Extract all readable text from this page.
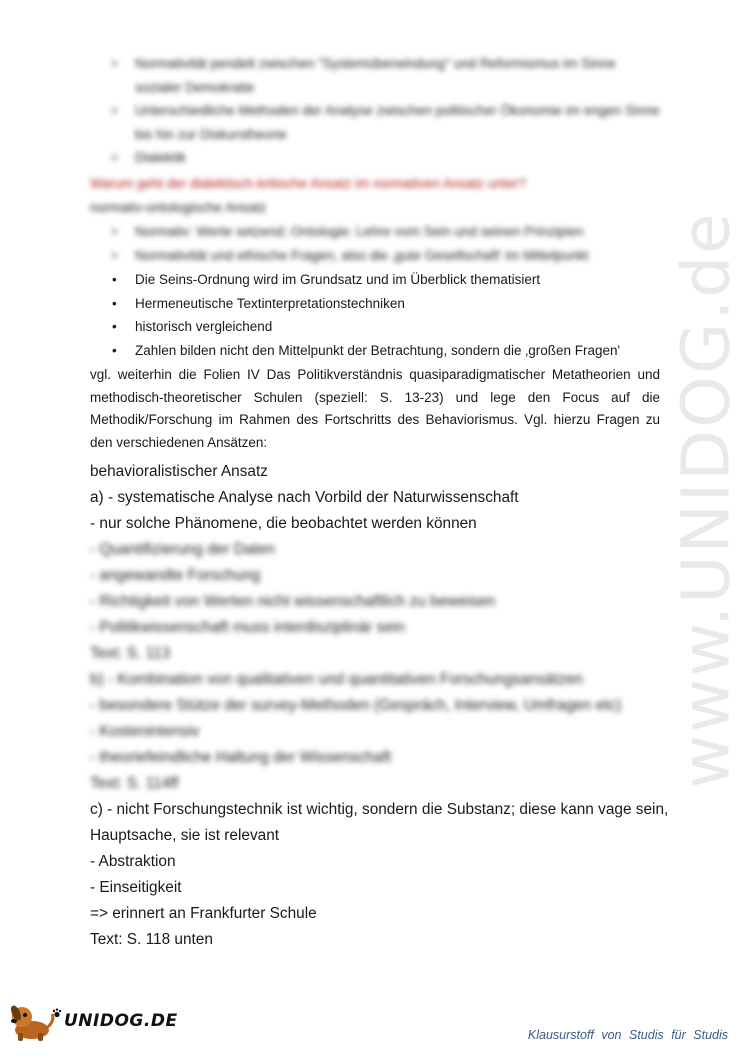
www.UNIDOG.de
• Normativität pendelt zwischen "Systemüberwindung" und Reformismus im Sinne sozialer Demokratie
• Unterschiedliche Methoden der Analyse zwischen politischer Ökonomie im engen Sinne bis hin zur Diskurstheorie
• Dialektik
Warum geht der dialektisch-kritische Ansatz im normativen Ansatz unter?
normativ-ontologische Ansatz
• Normativ: Werte setzend; Ontologie: Lehre vom Sein und seinen Prinzipien
• Normativität und ethische Fragen, also die ‚gute Gesellschaft' im Mittelpunkt
• Die Seins-Ordnung wird im Grundsatz und im Überblick thematisiert
• Hermeneutische Textinterpretationstechniken
• historisch vergleichend
• Zahlen bilden nicht den Mittelpunkt der Betrachtung, sondern die ‚großen Fragen'
vgl. weiterhin die Folien IV Das Politikverständnis quasiparadigmatischer Metatheorien und methodisch-theoretischer Schulen (speziell: S. 13-23) und lege den Focus auf die Methodik/Forschung im Rahmen des Fortschritts des Behaviorismus. Vgl. hierzu Fragen zu den verschiedenen Ansätzen:
behavioralistischer Ansatz
a) - systematische Analyse nach Vorbild der Naturwissenschaft
- nur solche Phänomene, die beobachtet werden können
- Quantifizierung der Daten
- angewandte Forschung
- Richtigkeit von Werten nicht wissenschaftlich zu beweisen
- Politikwissenschaft muss interdisziplinär sein
Text: S. 113
b) - Kombination von qualitativen und quantitativen Forschungsansätzen
- besondere Stütze der survey-Methoden (Gespräch, Interview, Umfragen etc)
- Kostenintensiv
- theoriefeindliche Haltung der Wissenschaft
Text: S. 114ff
c) - nicht Forschungstechnik ist wichtig, sondern die Substanz; diese kann vage sein,
Hauptsache, sie ist relevant
- Abstraktion
- Einseitigkeit
=> erinnert an Frankfurter Schule
Text: S. 118 unten
UNIDOG.DE
Klausurstoff von Studis für Studis
